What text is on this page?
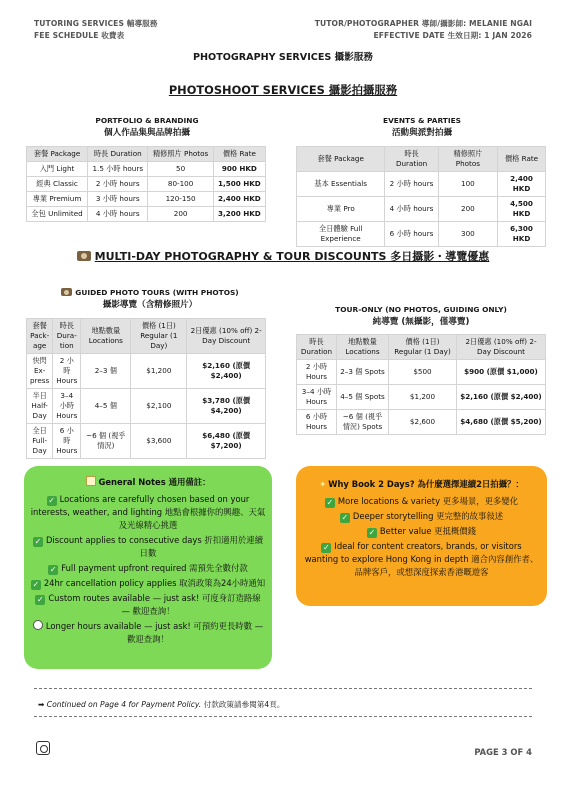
TUTORING SERVICES 輔導服務
FEE SCHEDULE 收費表
TUTOR/PHOTOGRAPHER 導師/攝影師: MELANIE NGAI
EFFECTIVE DATE 生效日期: 1 JAN 2026
PHOTOGRAPHY SERVICES 攝影服務
PHOTOSHOOT SERVICES 攝影拍攝服務
PORTFOLIO & BRANDING
個人作品集與品牌拍攝
套餐 Package	時長 Duration	精修照片 Photos	價格 Rate
入門 Light	1.5 小時 hours	50	900 HKD
經典 Classic	2 小時 hours	80-100	1,500 HKD
專業 Premium	3 小時 hours	120-150	2,400 HKD
全包 Unlimited	4 小時 hours	200	3,200 HKD
EVENTS & PARTIES
活動與派對拍攝
套餐 Package	時長 Duration	精修照片 Photos	價格 Rate
基本 Essentials	2 小時 hours	100	2,400 HKD
專業 Pro	4 小時 hours	200	4,500 HKD
全日體驗 Full Experience	6 小時 hours	300	6,300 HKD
MULTI-DAY PHOTOGRAPHY & TOUR DISCOUNTS 多日攝影・導覽優惠
GUIDED PHOTO TOURS (WITH PHOTOS)
攝影導覽（含精修照片）
套餐 Pack-age	時長 Dura-tion	地點數量 Locations	價格 (1日) Regular (1 Day)	2日優惠 (10% off) 2-Day Discount
快閃 Ex-press	2 小時 Hours	2–3 個	$1,200	$2,160 (原價 $2,400)
半日 Half-Day	3–4 小時 Hours	4–5 個	$2,100	$3,780 (原價 $4,200)
全日 Full-Day	6 小時 Hours	~6 個 (視乎情況)	$3,600	$6,480 (原價 $7,200)
TOUR-ONLY (NO PHOTOS, GUIDING ONLY)
純導覽 (無攝影，僅導覽)
時長 Duration	地點數量 Locations	價格 (1日) Regular (1 Day)	2日優惠 (10% off) 2-Day Discount
2 小時 Hours	2–3 個 Spots	$500	$900 (原價 $1,000)
3–4 小時 Hours	4–5 個 Spots	$1,200	$2,160 (原價 $2,400)
6 小時 Hours	~6 個 (視乎情況) Spots	$2,600	$4,680 (原價 $5,200)
General Notes 通用備註：
✓ Locations are carefully chosen based on your interests, weather, and lighting 地點會根據你的興趣、天氣及光線精心挑選
✓ Discount applies to consecutive days 折扣適用於連續日數
✓ Full payment upfront required 需預先全數付款
✓ 24hr cancellation policy applies 取消政策為24小時通知
✓ Custom routes available — just ask! 可度身訂造路線 — 歡迎查詢！
Longer hours available — just ask! 可預約更長時數 — 歡迎查詢！
✦ Why Book 2 Days? 為什麼選擇連續2日拍攝？：
✓ More locations & variety 更多場景，更多變化
✓ Deeper storytelling 更完整的故事敍述
✓ Better value 更抵概價錢
✓ Ideal for content creators, brands, or visitors wanting to explore Hong Kong in depth 適合內容創作者、品牌客戶，或想深度探索香港嘅遊客
➡ Continued on Page 4 for Payment Policy. 付款政策請參閱第4頁。
PAGE 3 OF 4
